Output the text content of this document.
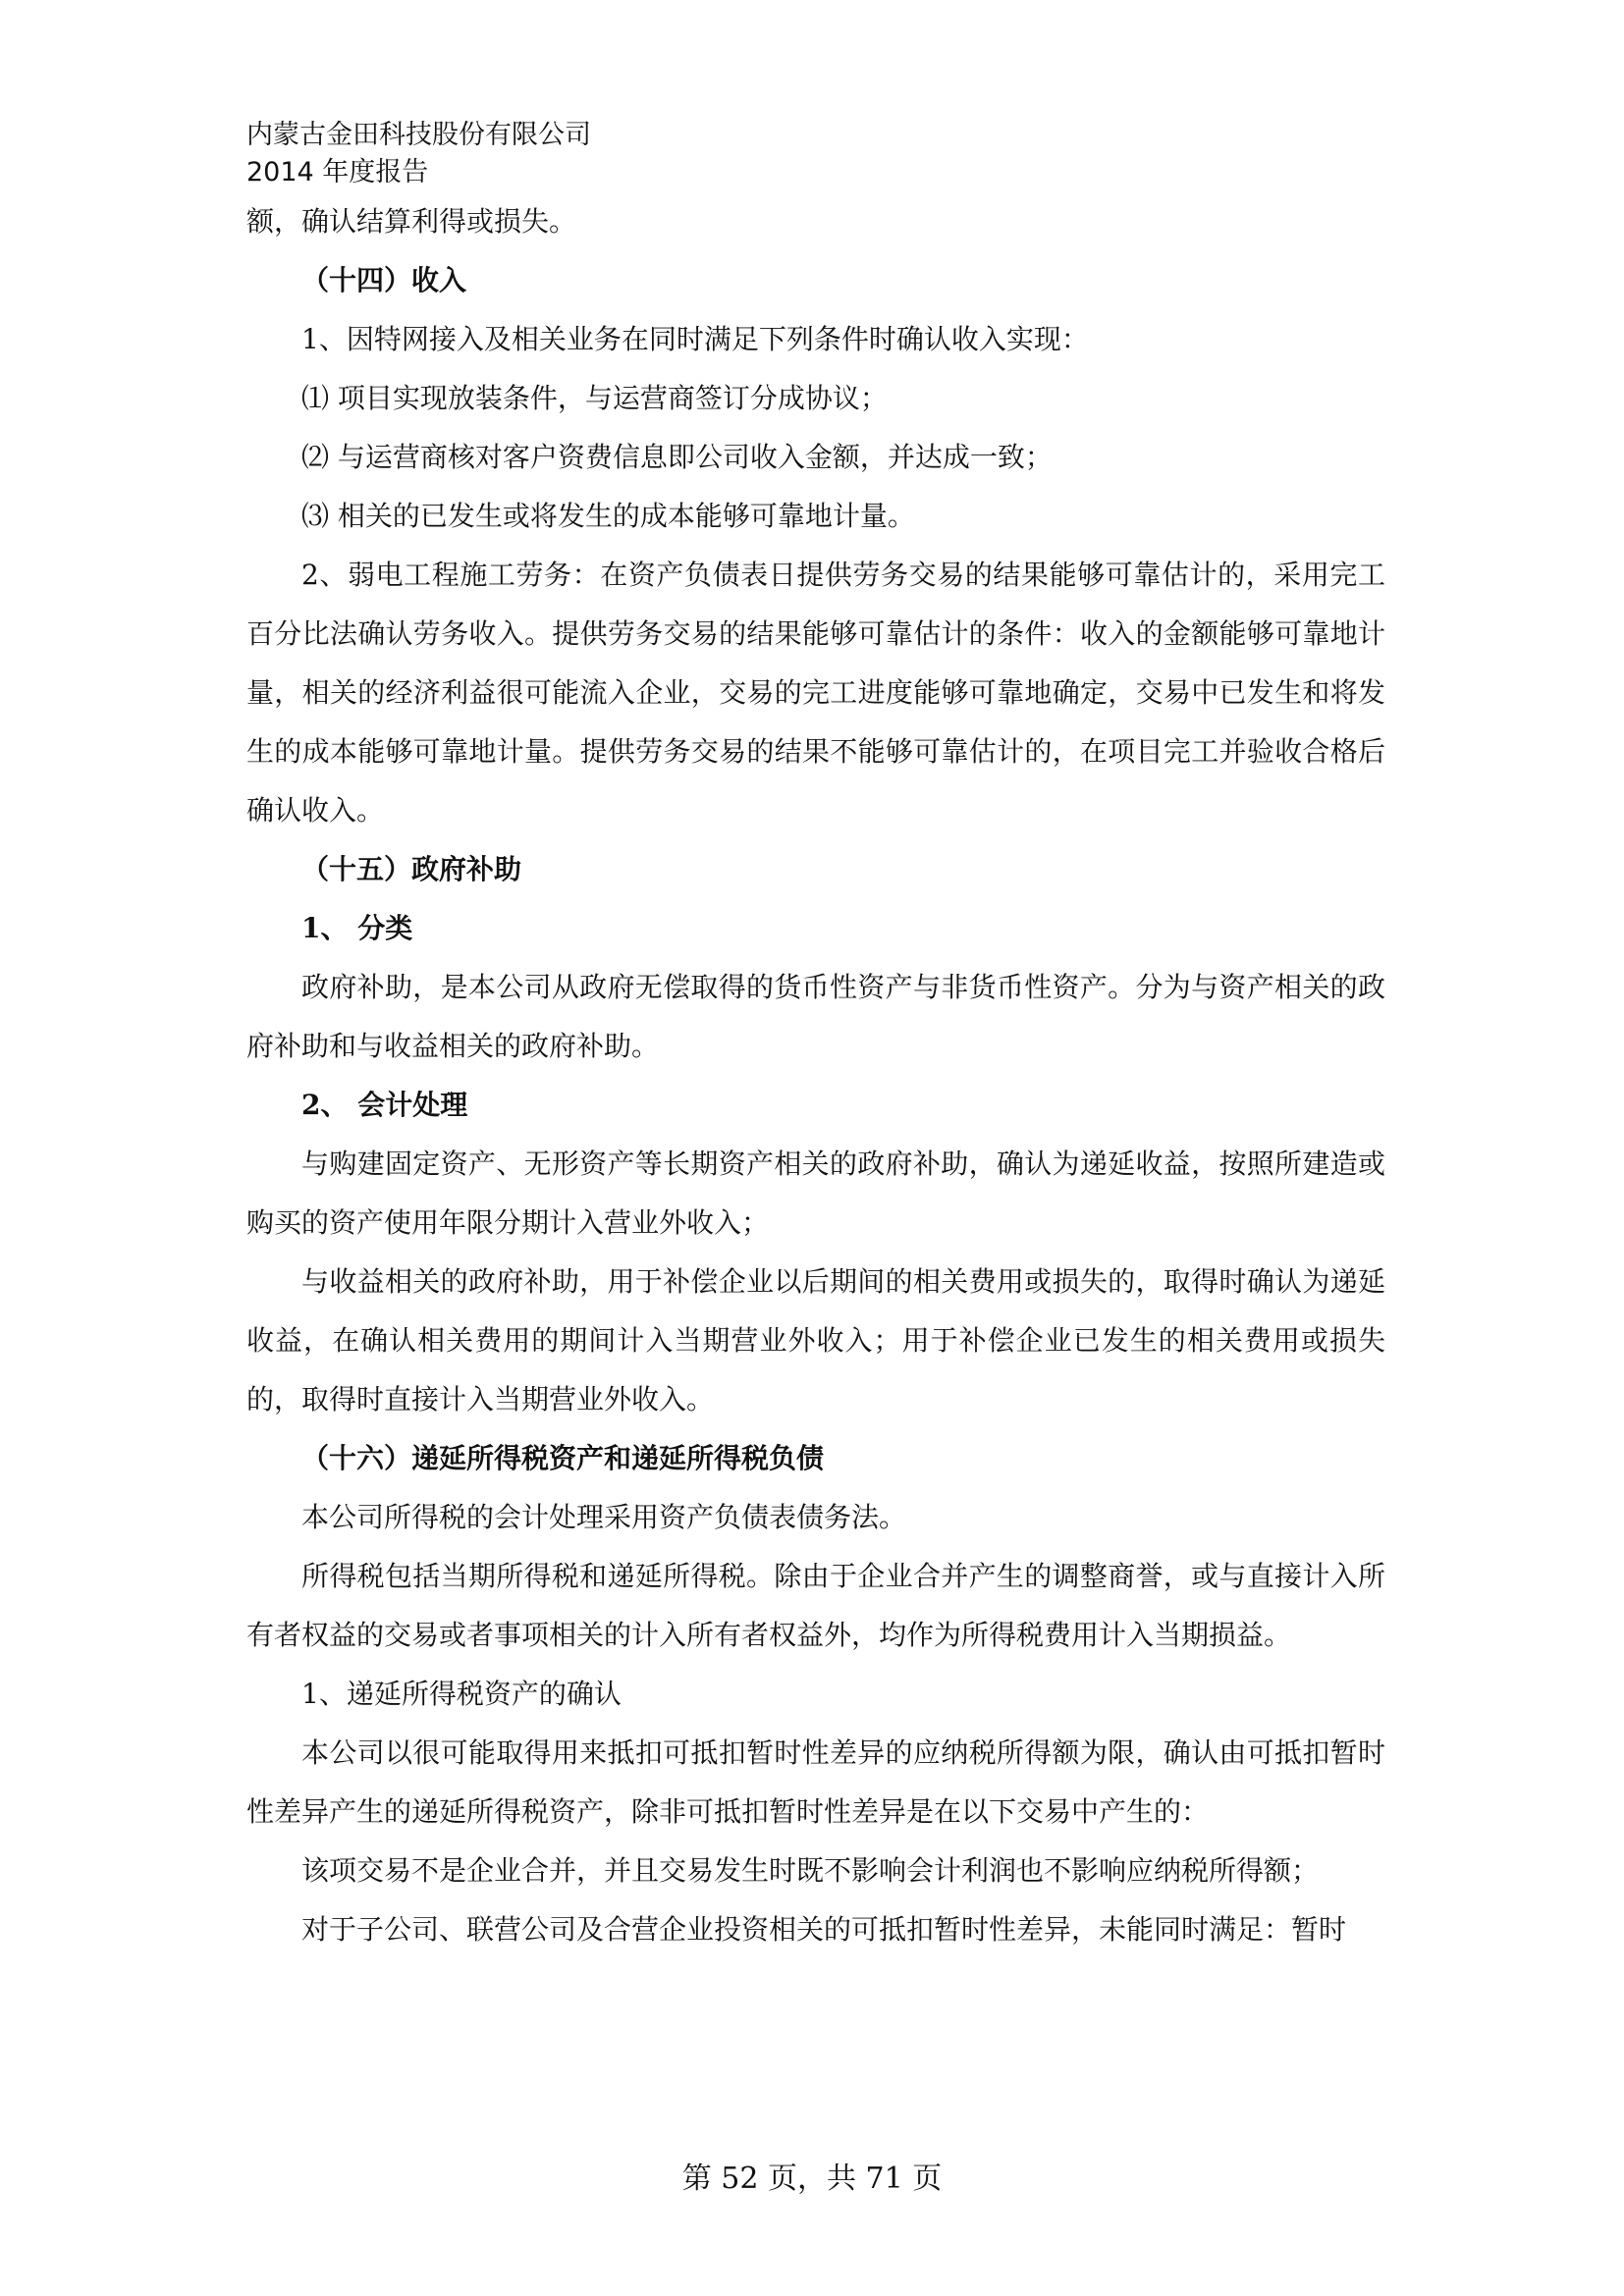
内蒙古金田科技股份有限公司
2014 年度报告

额，确认结算利得或损失。

（十四）收入

1、因特网接入及相关业务在同时满足下列条件时确认收入实现：

⑴ 项目实现放装条件，与运营商签订分成协议；

⑵ 与运营商核对客户资费信息即公司收入金额，并达成一致；

⑶ 相关的已发生或将发生的成本能够可靠地计量。

2、弱电工程施工劳务：在资产负债表日提供劳务交易的结果能够可靠估计的，采用完工百分比法确认劳务收入。提供劳务交易的结果能够可靠估计的条件：收入的金额能够可靠地计量，相关的经济利益很可能流入企业，交易的完工进度能够可靠地确定，交易中已发生和将发生的成本能够可靠地计量。提供劳务交易的结果不能够可靠估计的，在项目完工并验收合格后确认收入。

（十五）政府补助

1、 分类

政府补助，是本公司从政府无偿取得的货币性资产与非货币性资产。分为与资产相关的政府补助和与收益相关的政府补助。

2、 会计处理

与购建固定资产、无形资产等长期资产相关的政府补助，确认为递延收益，按照所建造或购买的资产使用年限分期计入营业外收入；

与收益相关的政府补助，用于补偿企业以后期间的相关费用或损失的，取得时确认为递延收益，在确认相关费用的期间计入当期营业外收入；用于补偿企业已发生的相关费用或损失的，取得时直接计入当期营业外收入。

（十六）递延所得税资产和递延所得税负债

本公司所得税的会计处理采用资产负债表债务法。

所得税包括当期所得税和递延所得税。除由于企业合并产生的调整商誉，或与直接计入所有者权益的交易或者事项相关的计入所有者权益外，均作为所得税费用计入当期损益。

1、递延所得税资产的确认

本公司以很可能取得用来抵扣可抵扣暂时性差异的应纳税所得额为限，确认由可抵扣暂时性差异产生的递延所得税资产，除非可抵扣暂时性差异是在以下交易中产生的：

该项交易不是企业合并，并且交易发生时既不影响会计利润也不影响应纳税所得额；

对于子公司、联营公司及合营企业投资相关的可抵扣暂时性差异，未能同时满足：暂时

第 52 页，共 71 页
